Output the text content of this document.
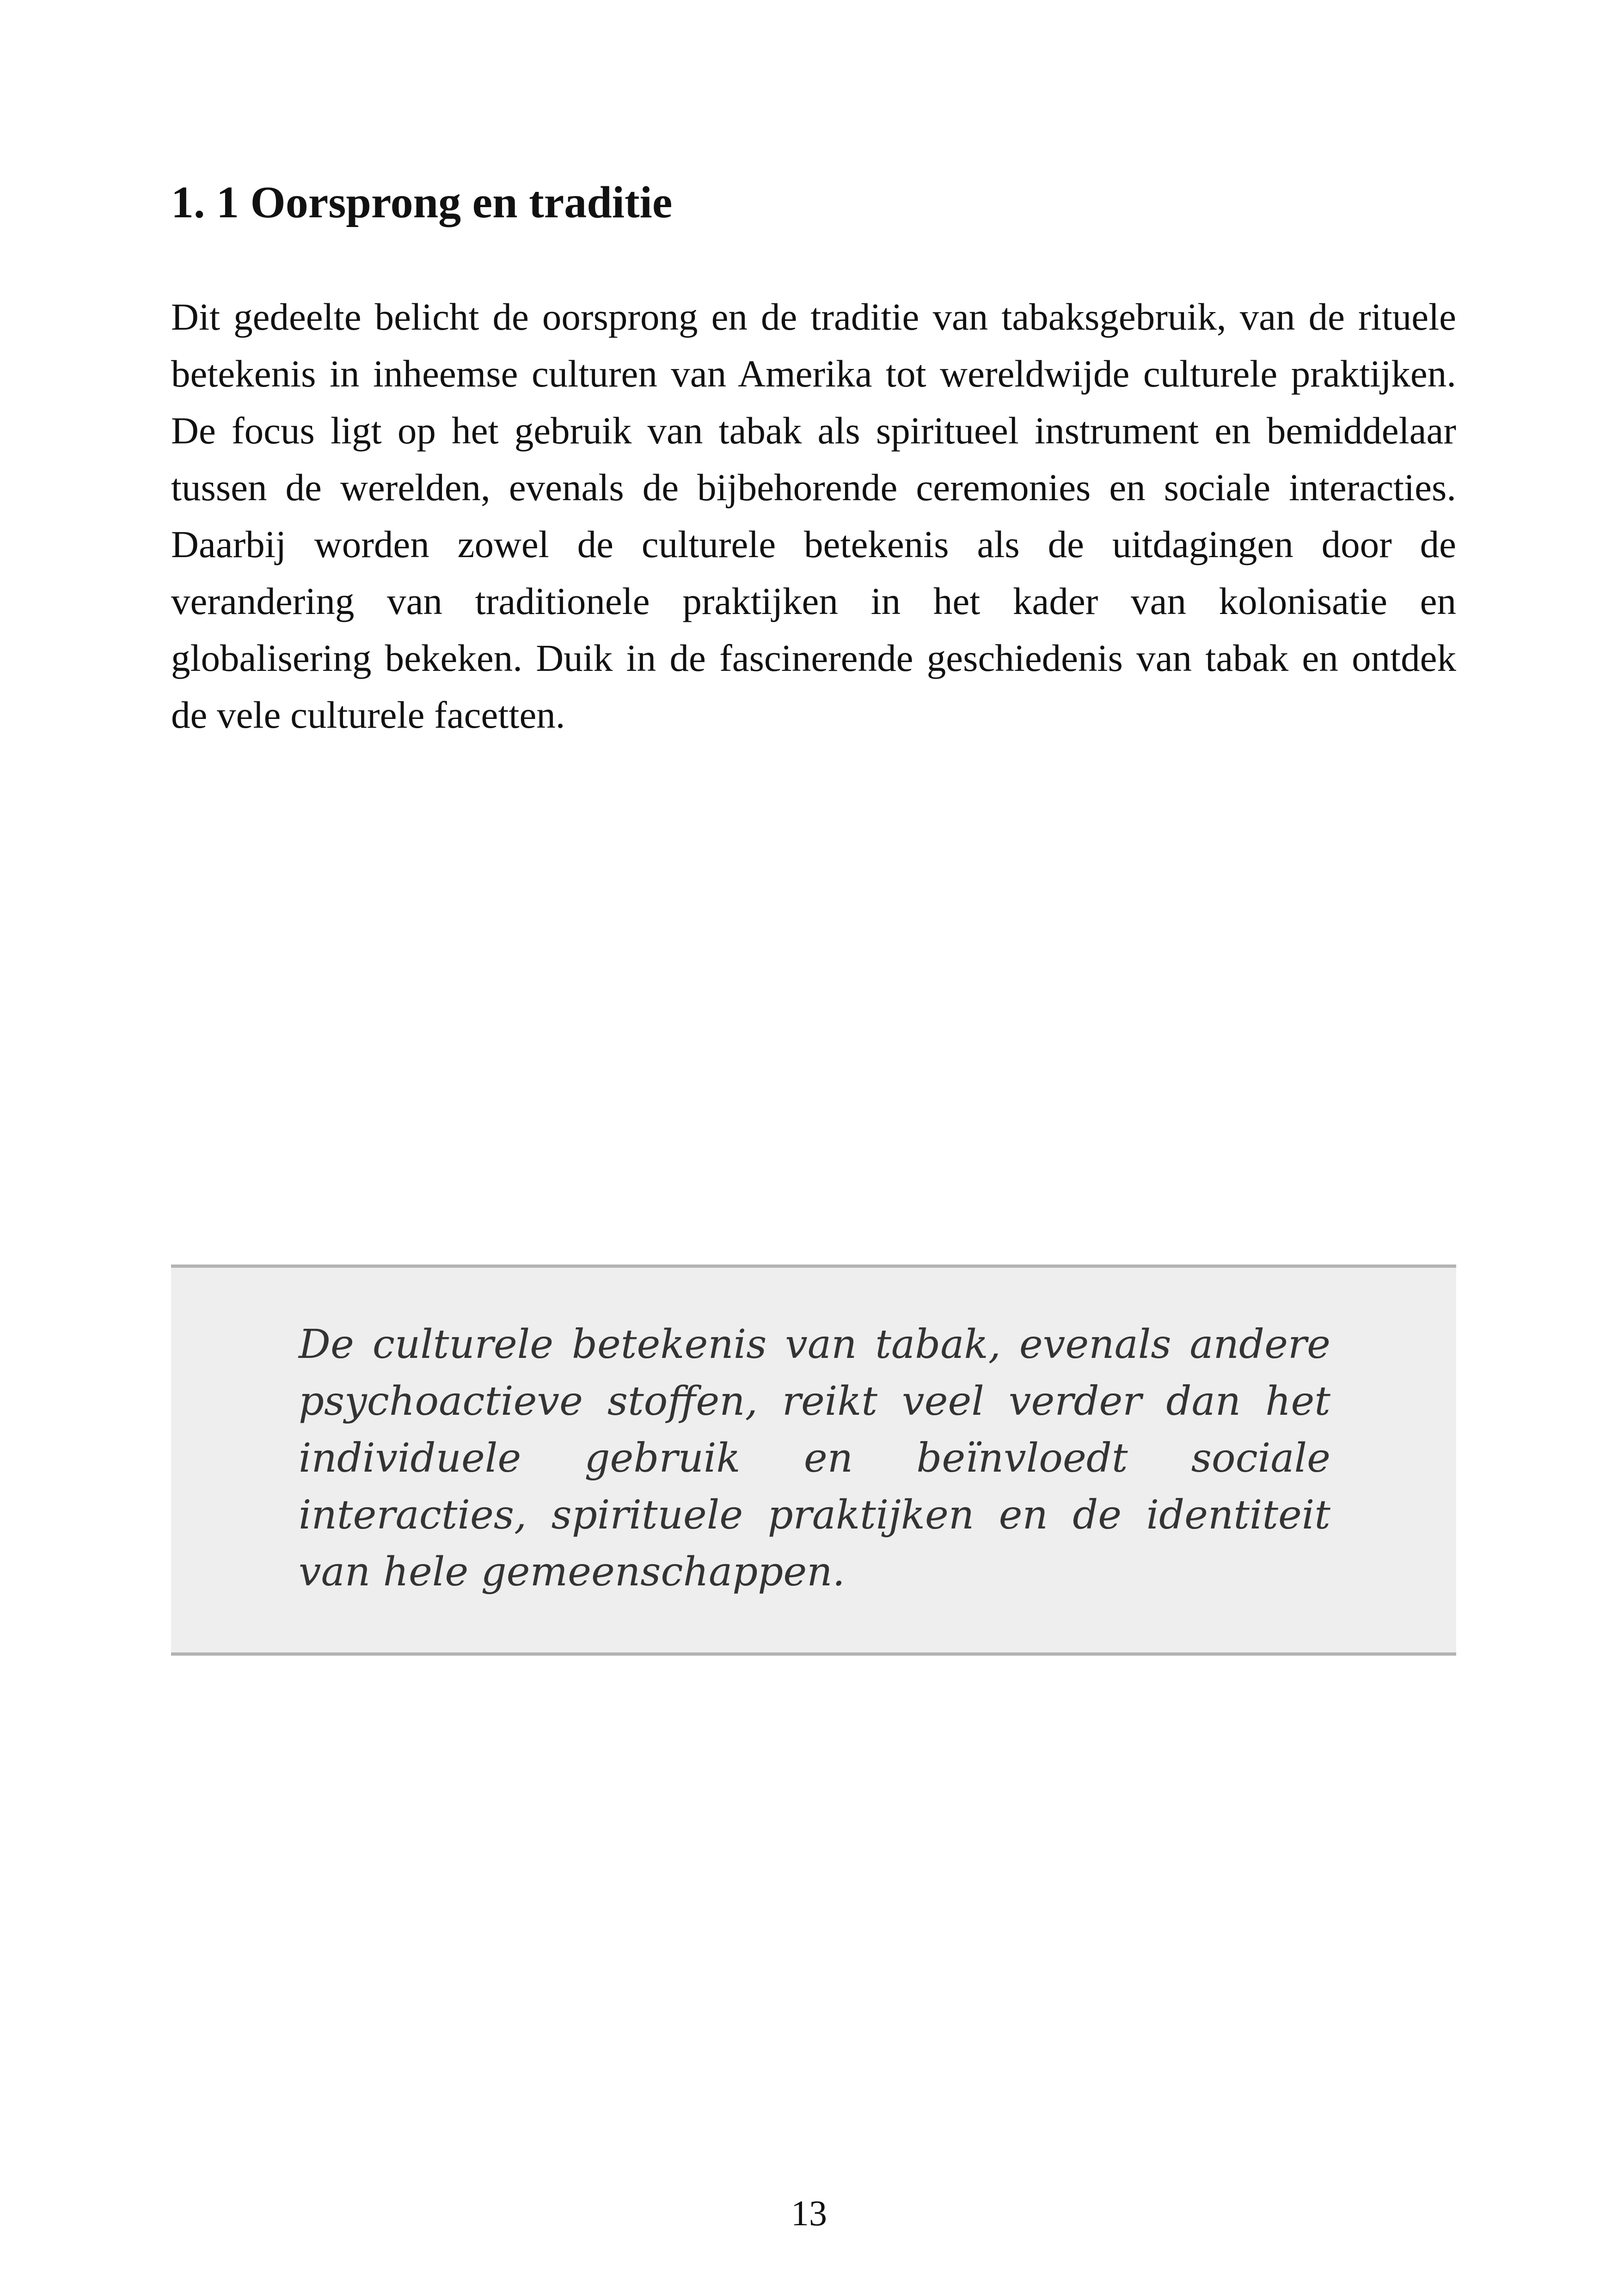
1. 1 Oorsprong en traditie

Dit gedeelte belicht de oorsprong en de traditie van tabaksgebruik, van de rituele betekenis in inheemse culturen van Amerika tot wereldwijde culturele praktijken. De focus ligt op het gebruik van tabak als spiritueel instrument en bemiddelaar tussen de werelden, evenals de bijbehorende ceremonies en sociale interacties. Daarbij worden zowel de culturele betekenis als de uitdagingen door de verandering van traditionele praktijken in het kader van kolonisatie en globalisering bekeken. Duik in de fascinerende geschiedenis van tabak en ontdek de vele culturele facetten.

De culturele betekenis van tabak, evenals andere psychoactieve stoffen, reikt veel verder dan het individuele gebruik en beïnvloedt sociale interacties, spirituele praktijken en de identiteit van hele gemeenschappen.

13
